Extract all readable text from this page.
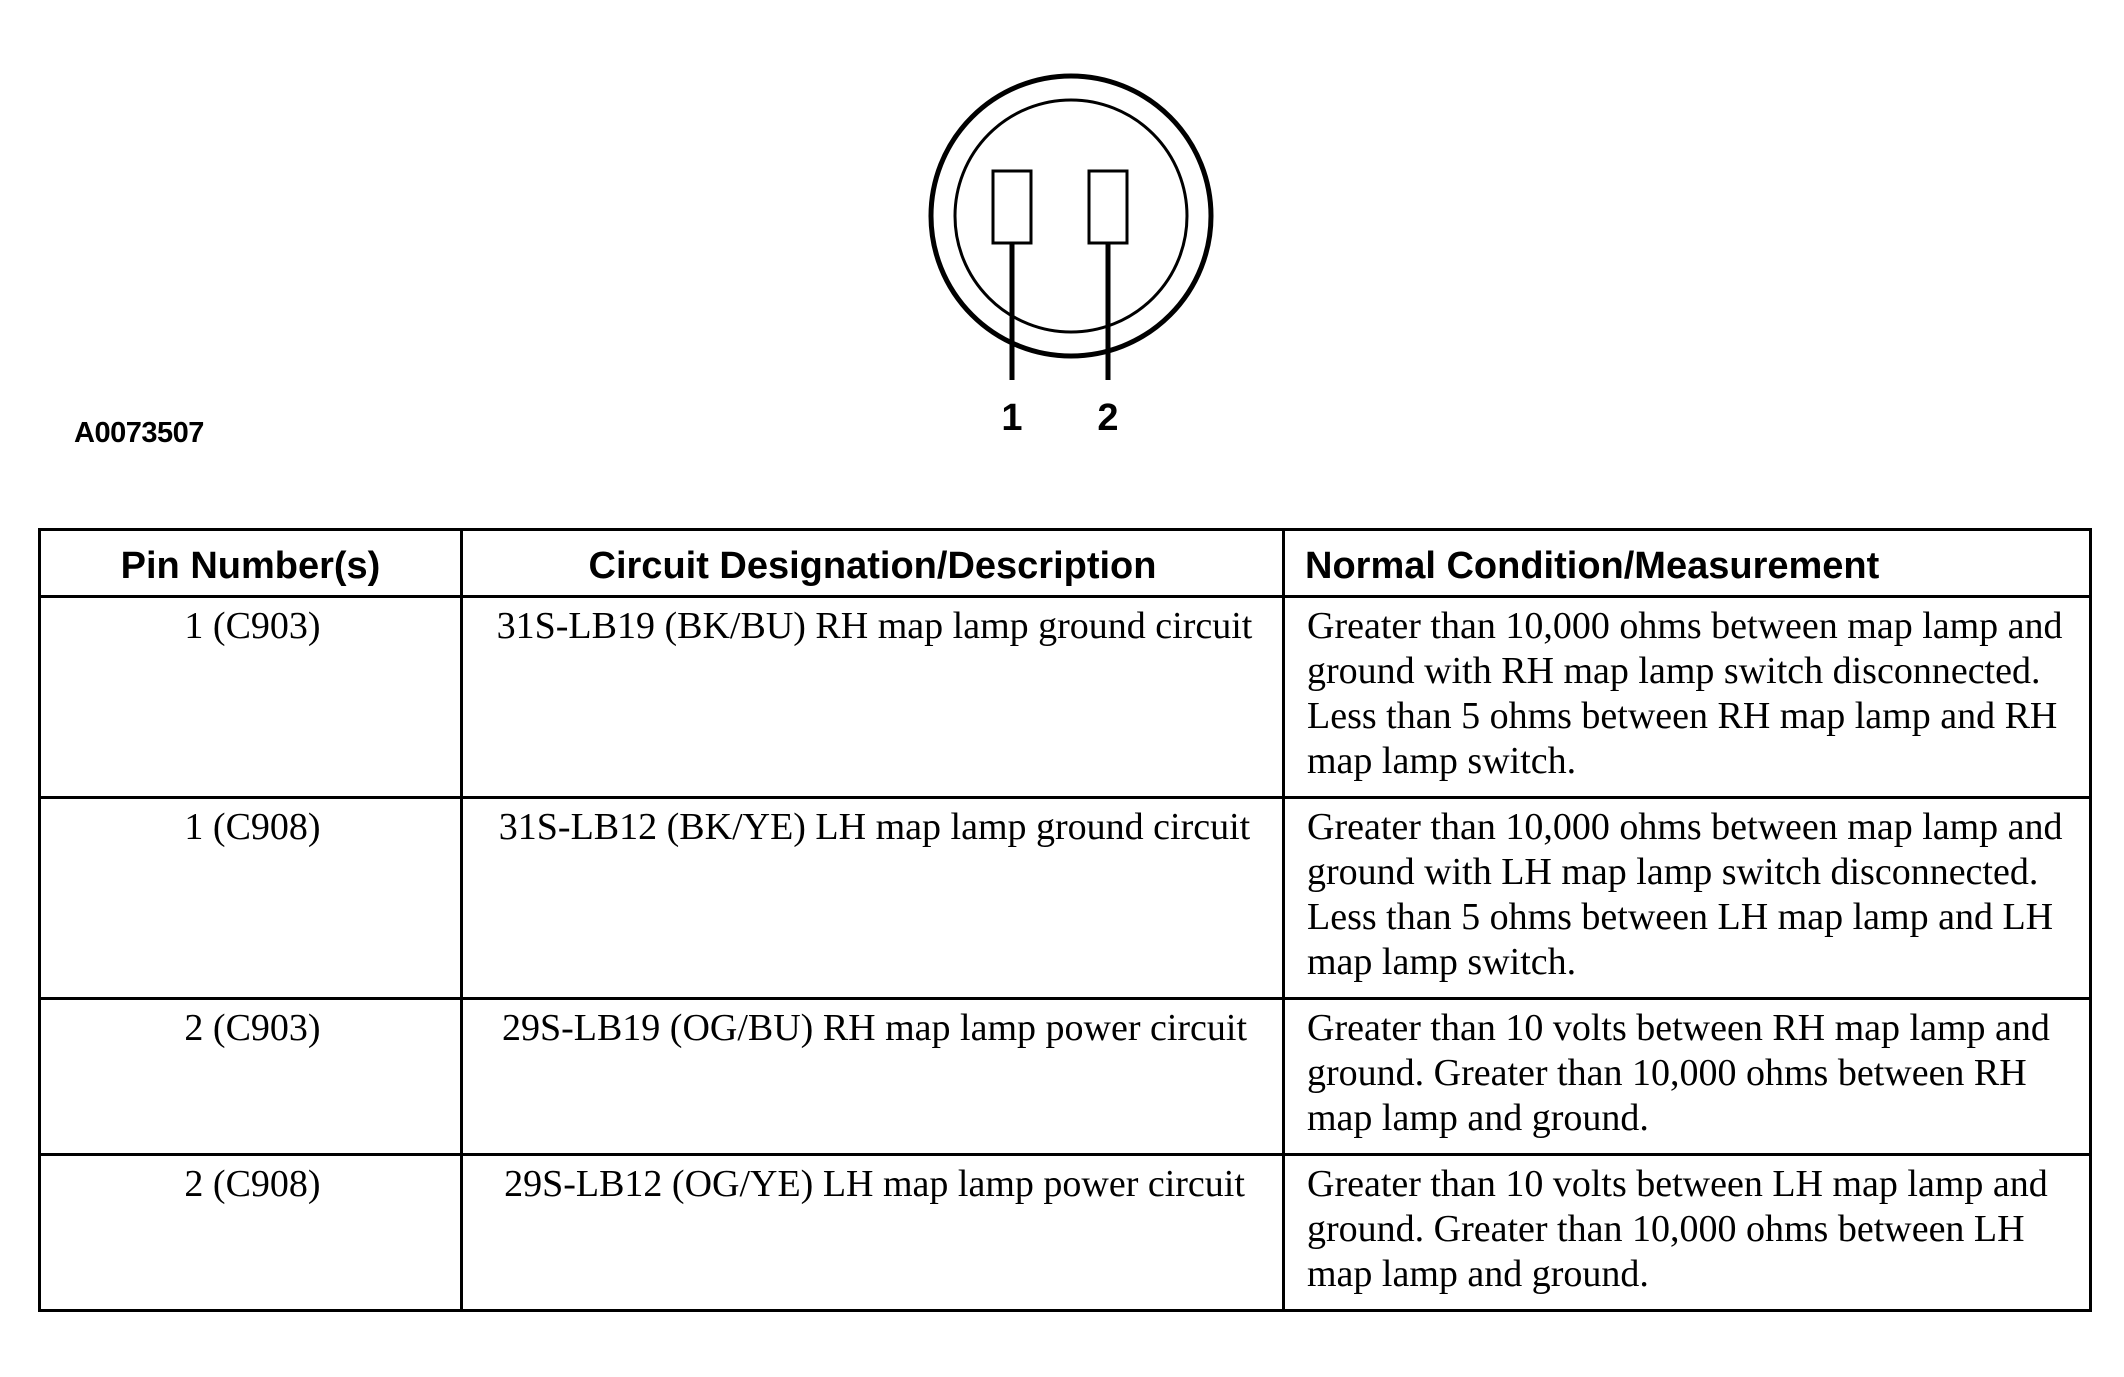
1 2
A0073507
Pin Number(s)	Circuit Designation/Description	Normal Condition/Measurement
1 (C903)	31S-LB19 (BK/BU) RH map lamp ground circuit	Greater than 10,000 ohms between map lamp and ground with RH map lamp switch disconnected. Less than 5 ohms between RH map lamp and RH map lamp switch.
1 (C908)	31S-LB12 (BK/YE) LH map lamp ground circuit	Greater than 10,000 ohms between map lamp and ground with LH map lamp switch disconnected. Less than 5 ohms between LH map lamp and LH map lamp switch.
2 (C903)	29S-LB19 (OG/BU) RH map lamp power circuit	Greater than 10 volts between RH map lamp and ground. Greater than 10,000 ohms between RH map lamp and ground.
2 (C908)	29S-LB12 (OG/YE) LH map lamp power circuit	Greater than 10 volts between LH map lamp and ground. Greater than 10,000 ohms between LH map lamp and ground.
